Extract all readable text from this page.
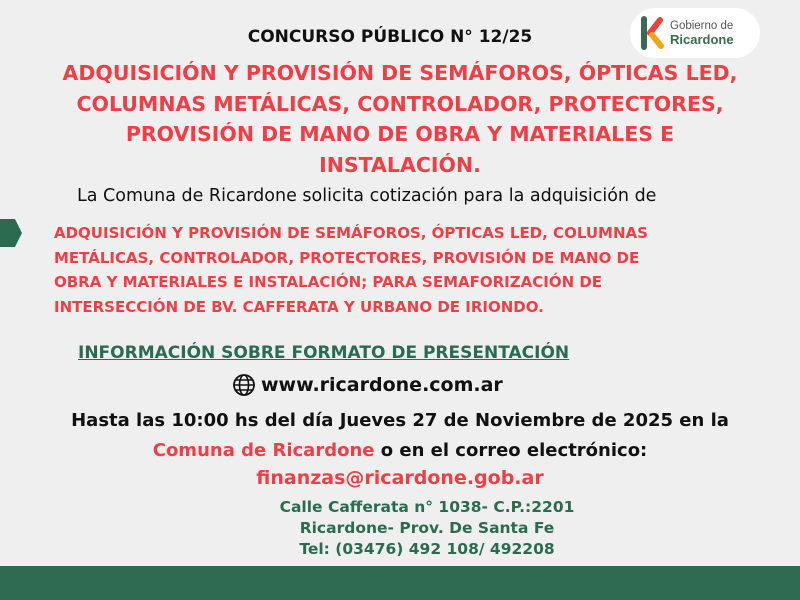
CONCURSO PÚBLICO N° 12/25
Gobierno de
Ricardone
ADQUISICIÓN Y PROVISIÓN DE SEMÁFOROS, ÓPTICAS LED,
COLUMNAS METÁLICAS, CONTROLADOR, PROTECTORES,
PROVISIÓN DE MANO DE OBRA Y MATERIALES E
INSTALACIÓN.
La Comuna de Ricardone solicita cotización para la adquisición de
ADQUISICIÓN Y PROVISIÓN DE SEMÁFOROS, ÓPTICAS LED, COLUMNAS
METÁLICAS, CONTROLADOR, PROTECTORES, PROVISIÓN DE MANO DE
OBRA Y MATERIALES E INSTALACIÓN; PARA SEMAFORIZACIÓN DE
INTERSECCIÓN DE BV. CAFFERATA Y URBANO DE IRIONDO.
INFORMACIÓN SOBRE FORMATO DE PRESENTACIÓN
www.ricardone.com.ar
Hasta las 10:00 hs del día Jueves 27 de Noviembre de 2025 en la
Comuna de Ricardone o en el correo electrónico:
finanzas@ricardone.gob.ar
Calle Cafferata n° 1038- C.P.:2201
Ricardone- Prov. De Santa Fe
Tel: (03476) 492 108/ 492208
